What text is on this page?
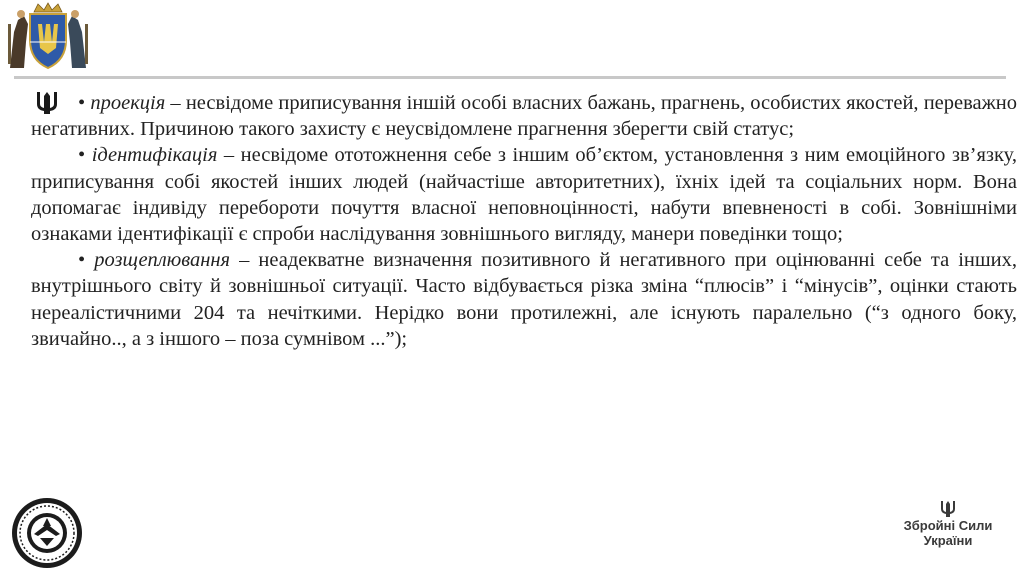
• проекція – несвідоме приписування іншій особі власних бажань, прагнень, особистих якостей, переважно негативних. Причиною такого захисту є неусвідомлене прагнення зберегти свій статус;

• ідентифікація – несвідоме ототожнення себе з іншим об’єктом, установлення з ним емоційного зв’язку, приписування собі якостей інших людей (найчастіше авторитетних), їхніх ідей та соціальних норм. Вона допомагає індивіду перебороти почуття власної неповноцінності, набути впевненості в собі. Зовнішніми ознаками ідентифікації є спроби наслідування зовнішнього вигляду, манери поведінки тощо;

• розщеплювання – неадекватне визначення позитивного й негативного при оцінюванні себе та інших, внутрішнього світу й зовнішньої ситуації. Часто відбувається різка зміна “плюсів” і “мінусів”, оцінки стають нереалістичними 204 та нечіткими. Нерідко вони протилежні, але існують паралельно (“з одного боку, звичайно.., а з іншого – поза сумнівом ...”);

Збройні Сили
України
